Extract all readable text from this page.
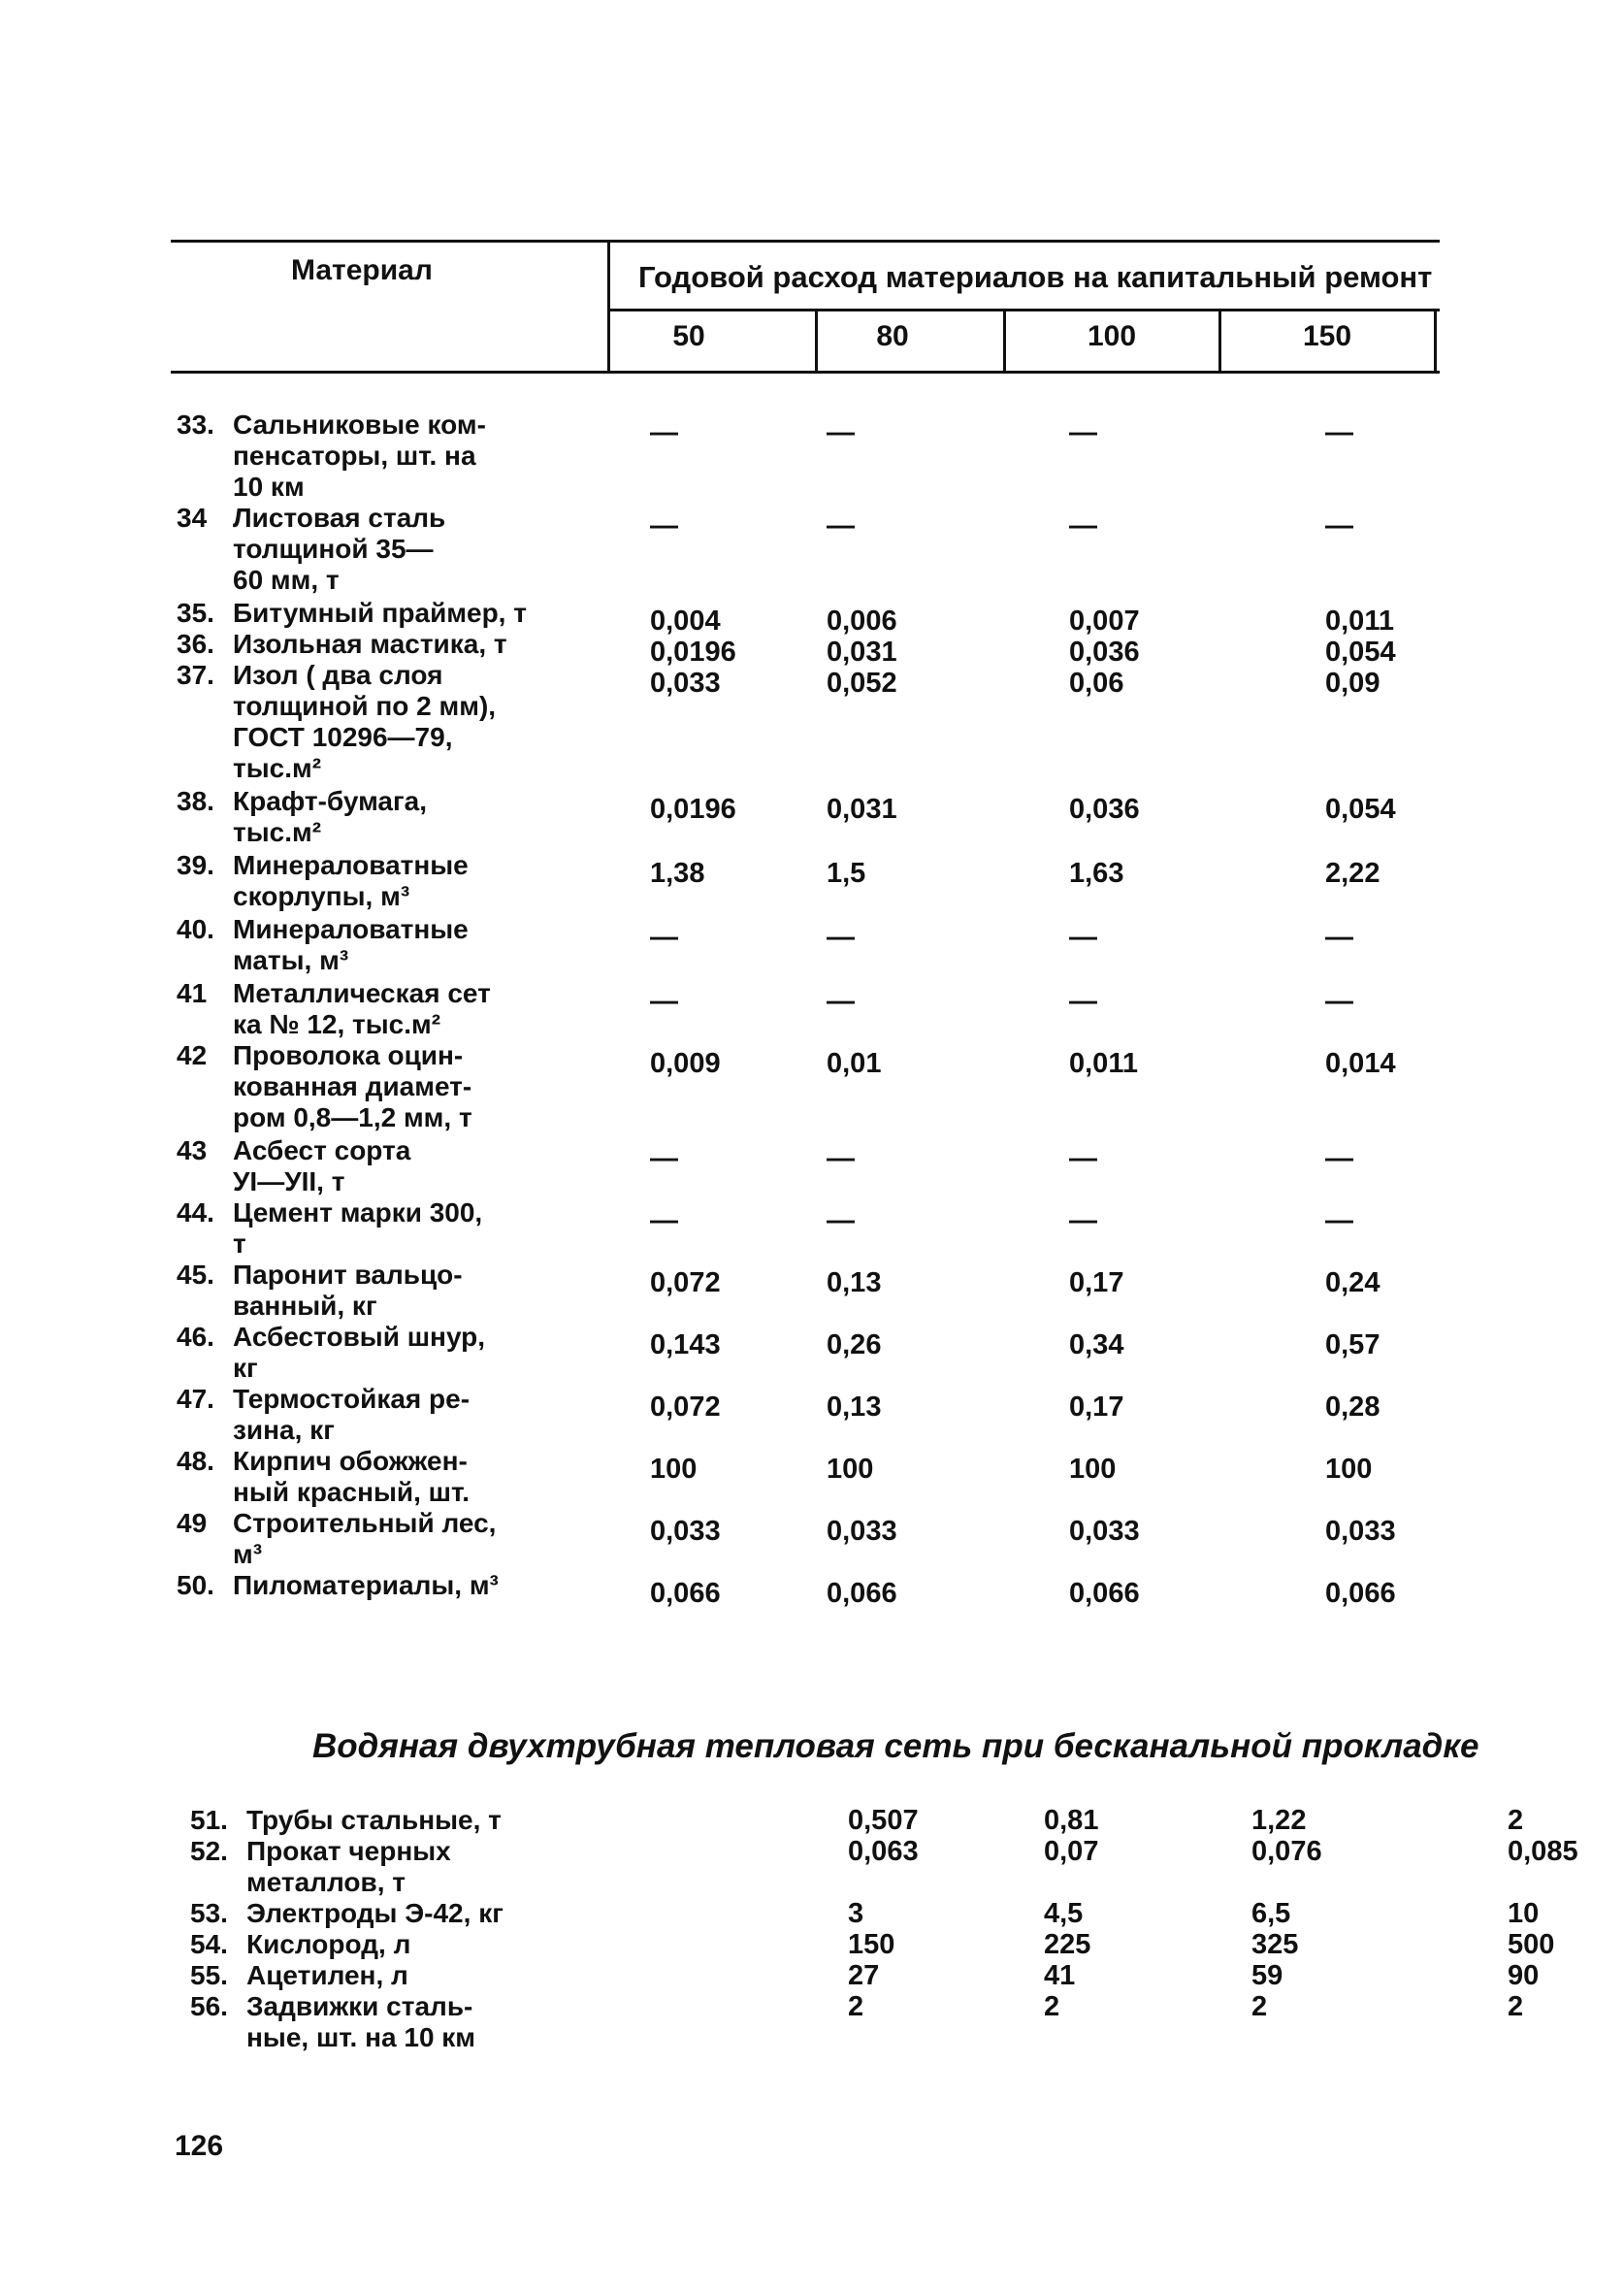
Материал	Годовой расход материалов на капитальный ремонт
50	80	100	150
33. Сальниковые ком-
пенсаторы, шт. на
10 км
—	—	—	—
34 Листовая сталь
толщиной 35—
60 мм, т
—	—	—	—
35. Битумный праймер, т	0,004	0,006	0,007	0,011
36. Изольная мастика, т	0,0196	0,031	0,036	0,054
37. Изол ( два слоя
толщиной по 2 мм),
ГОСТ 10296—79,
тыс.м²
0,033	0,052	0,06	0,09
38. Крафт-бумага,
тыс.м²
0,0196	0,031	0,036	0,054
39. Минераловатные
скорлупы, м³
1,38	1,5	1,63	2,22
40. Минераловатные
маты, м³
—	—	—	—
41 Металлическая сет
ка № 12, тыс.м²
—	—	—	—
42 Проволока оцин-
кованная диамет-
ром 0,8—1,2 мм, т
0,009	0,01	0,011	0,014
43 Асбест сорта
УI—УII, т
—	—	—	—
44. Цемент марки 300,
т
—	—	—	—
45. Паронит вальцо-
ванный, кг
0,072	0,13	0,17	0,24
46. Асбестовый шнур,
кг
0,143	0,26	0,34	0,57
47. Термостойкая ре-
зина, кг
0,072	0,13	0,17	0,28
48. Кирпич обожжен-
ный красный, шт.
100	100	100	100
49 Строительный лес,
м³
0,033	0,033	0,033	0,033
50. Пиломатериалы, м³	0,066	0,066	0,066	0,066
Водяная двухтрубная тепловая сеть при бесканальной прокладке
51. Трубы стальные, т	0,507	0,81	1,22	2
52. Прокат черных
металлов, т
0,063	0,07	0,076	0,085
53. Электроды Э-42, кг	3	4,5	6,5	10
54. Кислород, л	150	225	325	500
55. Ацетилен, л	27	41	59	90
56. Задвижки сталь-
ные, шт. на 10 км
2	2	2	2
126
